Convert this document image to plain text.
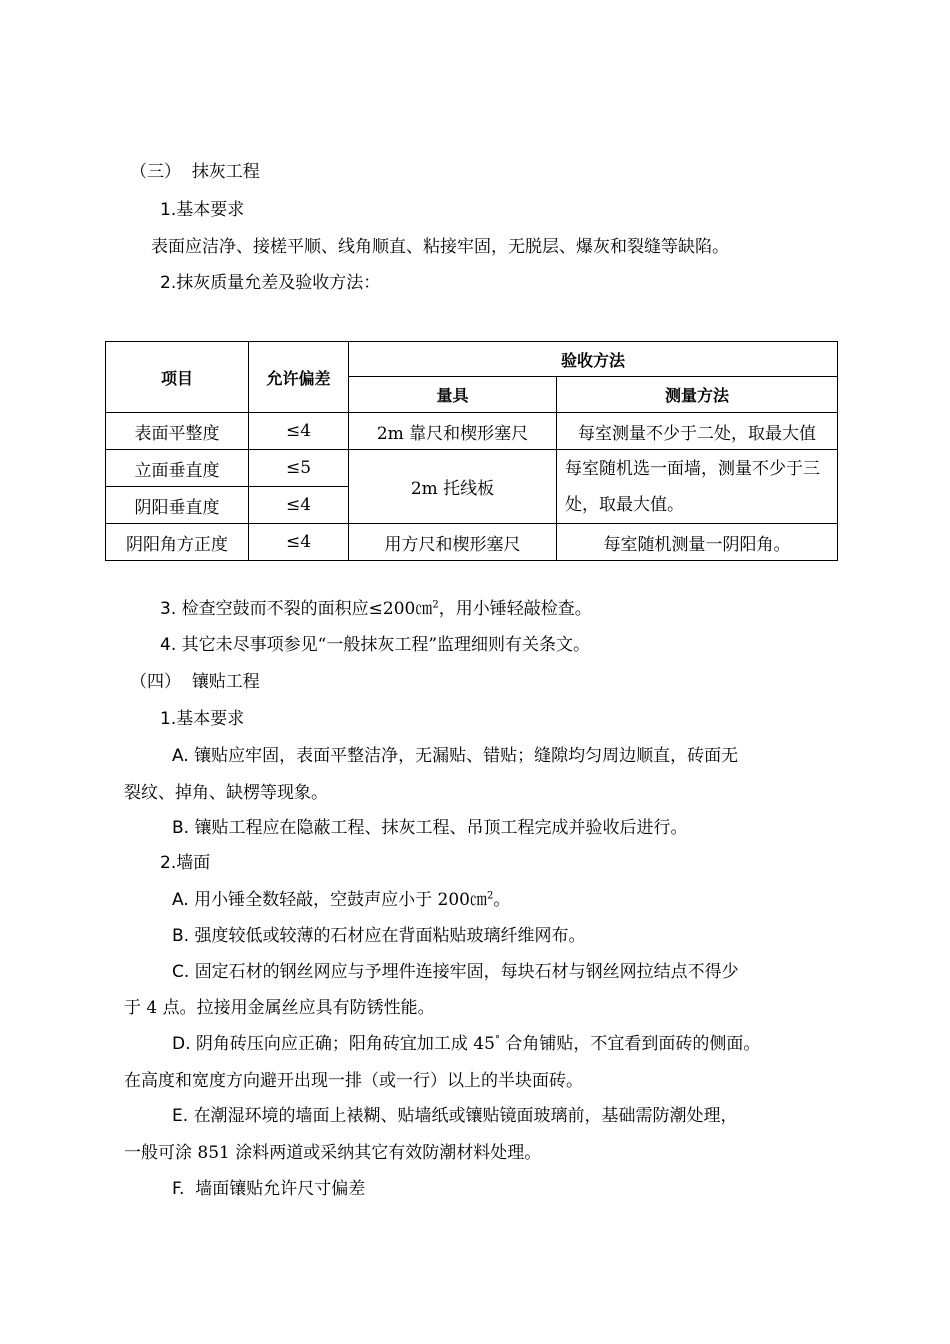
（三） 抹灰工程
1.基本要求
表面应洁净、接槎平顺、线角顺直、粘接牢固，无脱层、爆灰和裂缝等缺陷。
2.抹灰质量允差及验收方法：
项目	允许偏差	验收方法	
		量具	测量方法
表面平整度	≤4	2m 靠尺和楔形塞尺	每室测量不少于二处，取最大值
立面垂直度	≤5	2m 托线板	每室随机选一面墙，测量不少于三处，取最大值。
阴阳垂直度	≤4		
阴阳角方正度	≤4	用方尺和楔形塞尺	每室随机测量一阴阳角。
3. 检查空鼓而不裂的面积应≤200㎝$^2$，用小锤轻敲检查。
4. 其它未尽事项参见“一般抹灰工程”监理细则有关条文。
（四） 镶贴工程
1.基本要求
A. 镶贴应牢固，表面平整洁净，无漏贴、错贴；缝隙均匀周边顺直，砖面无
裂纹、掉角、缺楞等现象。
B. 镶贴工程应在隐蔽工程、抹灰工程、吊顶工程完成并验收后进行。
2.墙面
A. 用小锤全数轻敲，空鼓声应小于 200㎝$^2$。
B. 强度较低或较薄的石材应在背面粘贴玻璃纤维网布。
C. 固定石材的钢丝网应与予埋件连接牢固，每块石材与钢丝网拉结点不得少
于 4 点。拉接用金属丝应具有防锈性能。
D. 阴角砖压向应正确；阳角砖宜加工成 45° 合角铺贴，不宜看到面砖的侧面。
在高度和宽度方向避开出现一排（或一行）以上的半块面砖。
E. 在潮湿环境的墙面上裱糊、贴墙纸或镶贴镜面玻璃前，基础需防潮处理，
一般可涂 851 涂料两道或采纳其它有效防潮材料处理。
F. 墙面镶贴允许尺寸偏差
